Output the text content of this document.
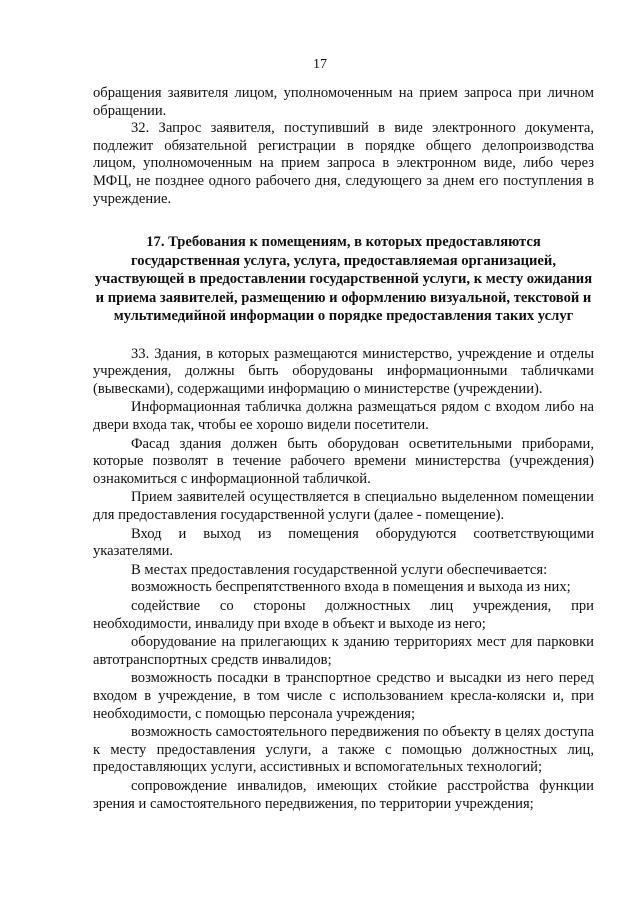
17

обращения заявителя лицом, уполномоченным на прием запроса при личном обращении.

32. Запрос заявителя, поступивший в виде электронного документа, подлежит обязательной регистрации в порядке общего делопроизводства лицом, уполномоченным на прием запроса в электронном виде, либо через МФЦ, не позднее одного рабочего дня, следующего за днем его поступления в учреждение.

17. Требования к помещениям, в которых предоставляются государственная услуга, услуга, предоставляемая организацией, участвующей в предоставлении государственной услуги, к месту ожидания и приема заявителей, размещению и оформлению визуальной, текстовой и мультимедийной информации о порядке предоставления таких услуг

33. Здания, в которых размещаются министерство, учреждение и отделы учреждения, должны быть оборудованы информационными табличками (вывесками), содержащими информацию о министерстве (учреждении).

Информационная табличка должна размещаться рядом с входом либо на двери входа так, чтобы ее хорошо видели посетители.

Фасад здания должен быть оборудован осветительными приборами, которые позволят в течение рабочего времени министерства (учреждения) ознакомиться с информационной табличкой.

Прием заявителей осуществляется в специально выделенном помещении для предоставления государственной услуги (далее - помещение).

Вход и выход из помещения оборудуются соответствующими указателями.

В местах предоставления государственной услуги обеспечивается:

возможность беспрепятственного входа в помещения и выхода из них;

содействие со стороны должностных лиц учреждения, при необходимости, инвалиду при входе в объект и выходе из него;

оборудование на прилегающих к зданию территориях мест для парковки автотранспортных средств инвалидов;

возможность посадки в транспортное средство и высадки из него перед входом в учреждение, в том числе с использованием кресла-коляски и, при необходимости, с помощью персонала учреждения;

возможность самостоятельного передвижения по объекту в целях доступа к месту предоставления услуги, а также с помощью должностных лиц, предоставляющих услуги, ассистивных и вспомогательных технологий;

сопровождение инвалидов, имеющих стойкие расстройства функции зрения и самостоятельного передвижения, по территории учреждения;
